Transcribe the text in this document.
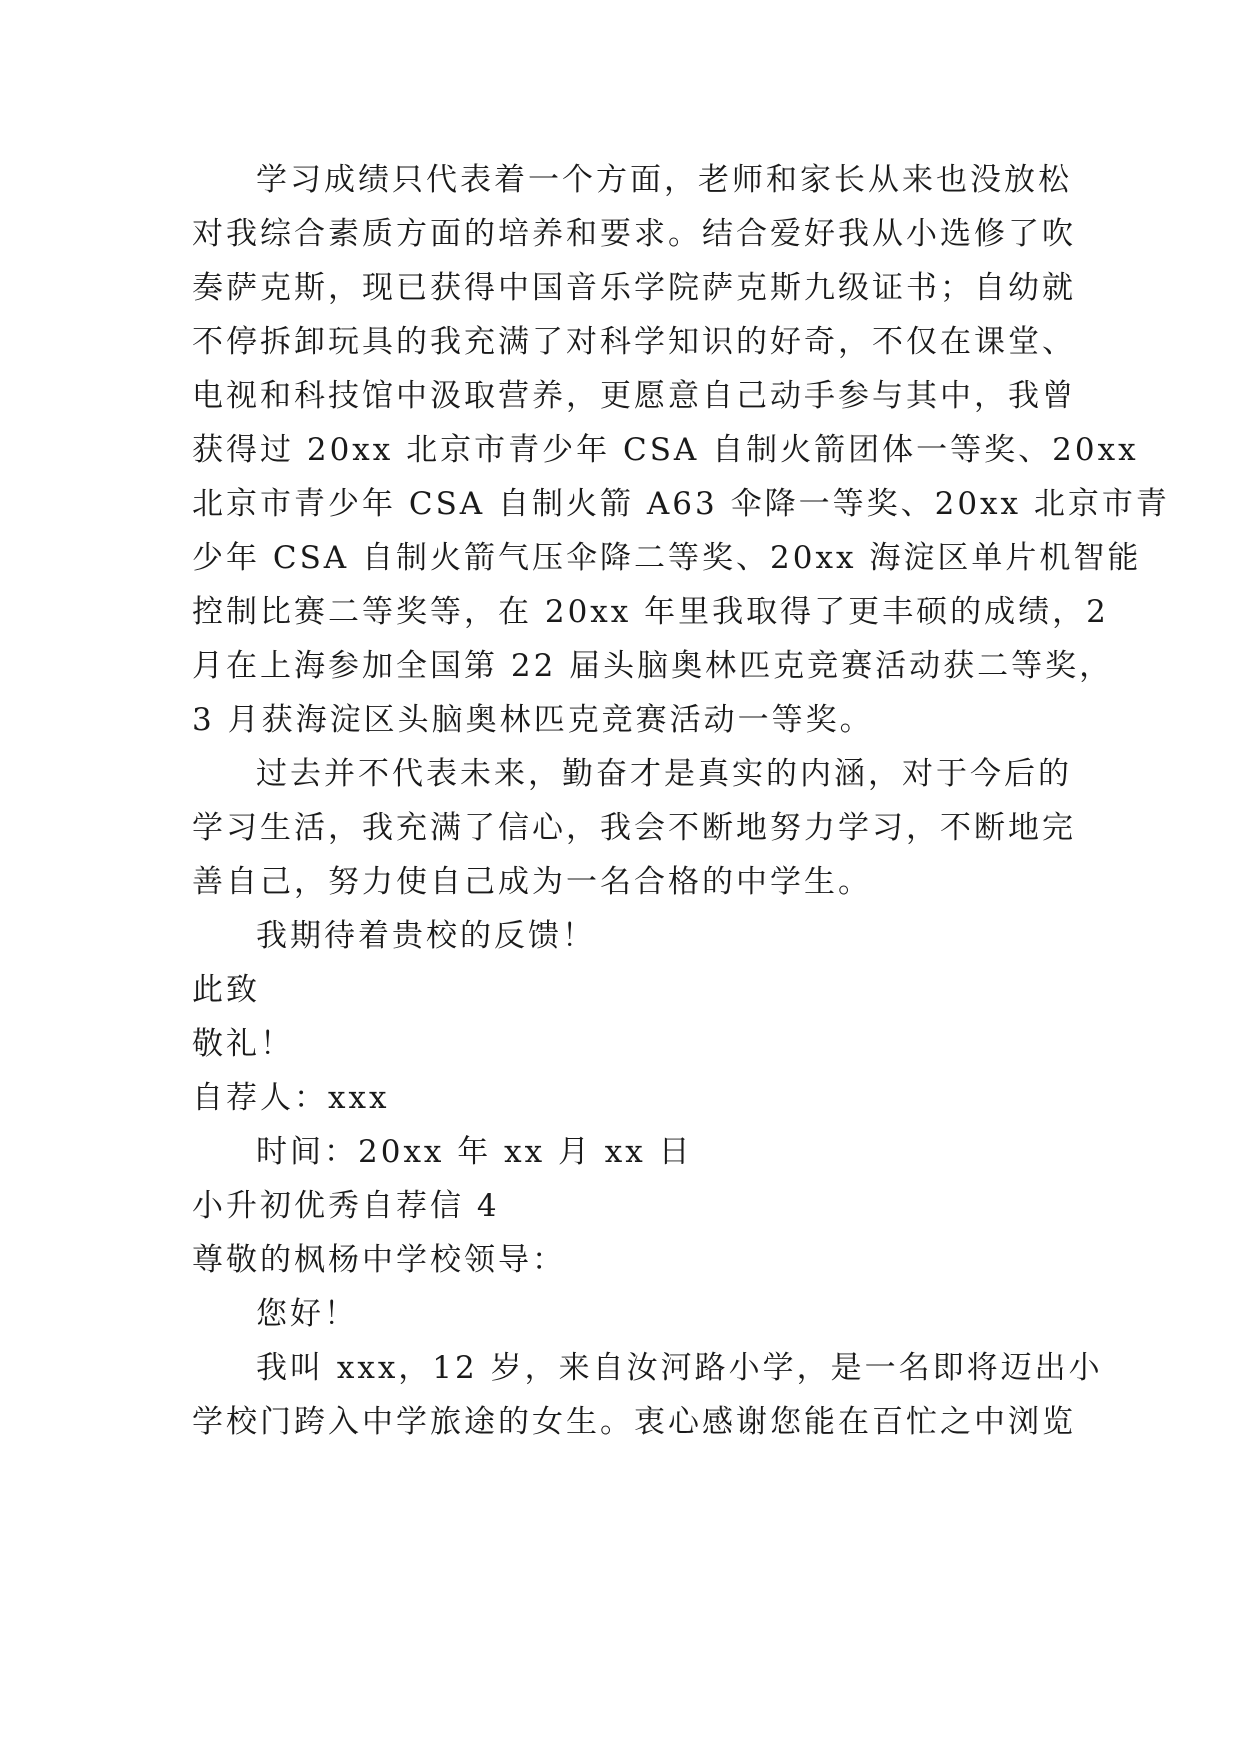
学习成绩只代表着一个方面，老师和家长从来也没放松
对我综合素质方面的培养和要求。结合爱好我从小选修了吹
奏萨克斯，现已获得中国音乐学院萨克斯九级证书；自幼就
不停拆卸玩具的我充满了对科学知识的好奇，不仅在课堂、
电视和科技馆中汲取营养，更愿意自己动手参与其中，我曾
获得过 20xx 北京市青少年 CSA 自制火箭团体一等奖、20xx
北京市青少年 CSA 自制火箭 A63 伞降一等奖、20xx 北京市青
少年 CSA 自制火箭气压伞降二等奖、20xx 海淀区单片机智能
控制比赛二等奖等，在 20xx 年里我取得了更丰硕的成绩，2
月在上海参加全国第 22 届头脑奥林匹克竞赛活动获二等奖，
3 月获海淀区头脑奥林匹克竞赛活动一等奖。
过去并不代表未来，勤奋才是真实的内涵，对于今后的
学习生活，我充满了信心，我会不断地努力学习，不断地完
善自己，努力使自己成为一名合格的中学生。
我期待着贵校的反馈！
此致
敬礼！
自荐人：xxx
时间：20xx 年 xx 月 xx 日
小升初优秀自荐信 4
尊敬的枫杨中学校领导：
您好！
我叫 xxx，12 岁，来自汝河路小学，是一名即将迈出小
学校门跨入中学旅途的女生。衷心感谢您能在百忙之中浏览
